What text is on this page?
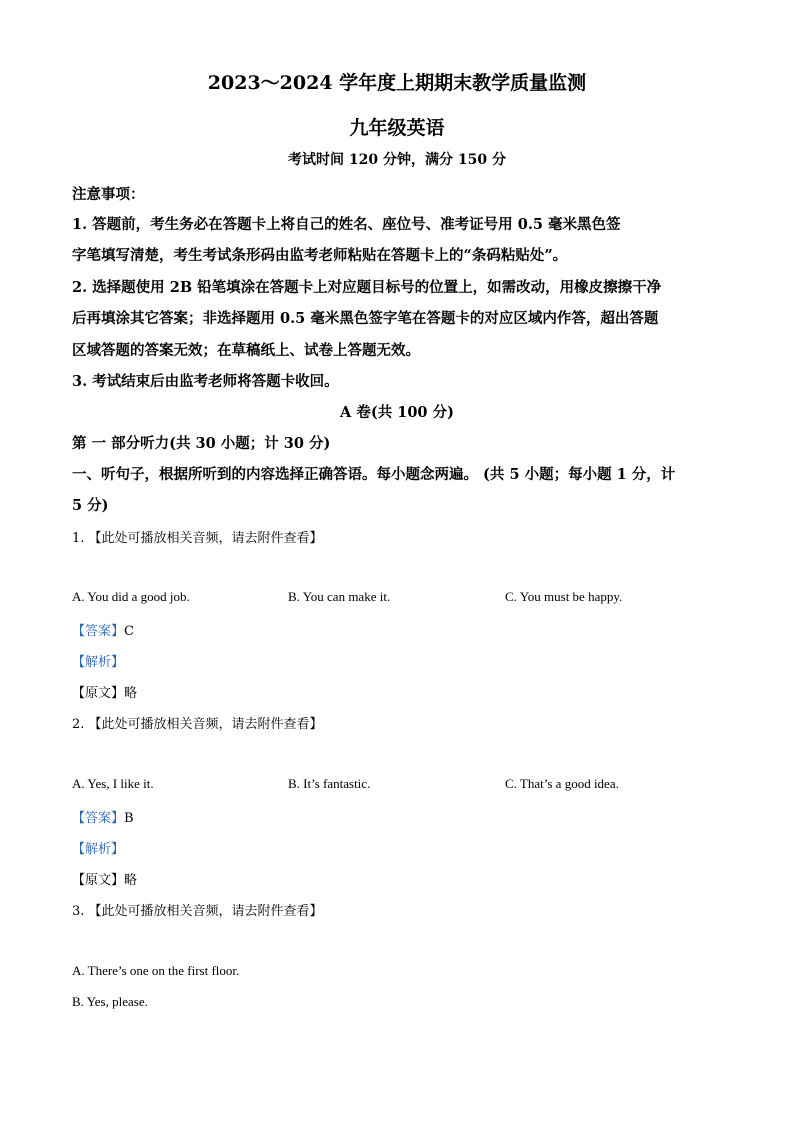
2023～2024 学年度上期期末教学质量监测
九年级英语
考试时间 120 分钟，满分 150 分
注意事项：
1. 答题前，考生务必在答题卡上将自己的姓名、座位号、准考证号用 0.5 毫米黑色签
字笔填写清楚，考生考试条形码由监考老师粘贴在答题卡上的“条码粘贴处”。
2. 选择题使用 2B 铅笔填涂在答题卡上对应题目标号的位置上，如需改动，用橡皮擦擦干净
后再填涂其它答案；非选择题用 0.5 毫米黑色签字笔在答题卡的对应区域内作答，超出答题
区域答题的答案无效；在草稿纸上、试卷上答题无效。
3. 考试结束后由监考老师将答题卡收回。
A 卷(共 100 分)
第 一 部分听力(共 30 小题；计 30 分)
一、听句子，根据所听到的内容选择正确答语。每小题念两遍。 (共 5 小题；每小题 1 分，计
5 分)
1. 【此处可播放相关音频，请去附件查看】
A. You did a good job.	B. You can make it.	C. You must be happy.
【答案】C
【解析】
【原文】略
2. 【此处可播放相关音频，请去附件查看】
A. Yes, I like it.	B. It’s fantastic.	C. That’s a good idea.
【答案】B
【解析】
【原文】略
3. 【此处可播放相关音频，请去附件查看】
A. There’s one on the first floor.
B. Yes, please.
